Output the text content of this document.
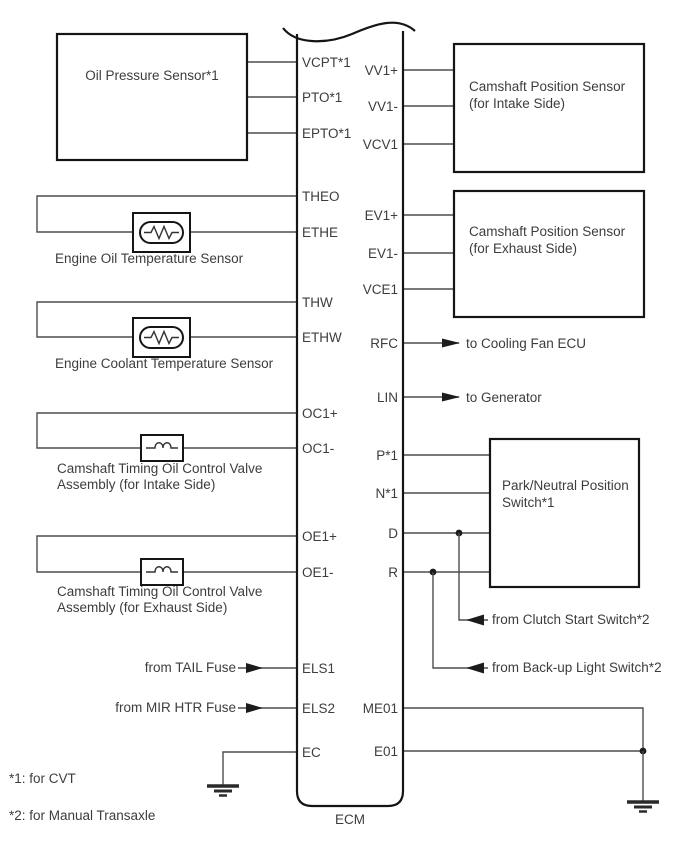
ECM
VCPT*1
PTO*1
EPTO*1
THEO
ETHE
THW
ETHW
OC1+
OC1-
OE1+
OE1-
ELS1
ELS2
EC
VV1+
VV1-
VCV1
EV1+
EV1-
VCE1
RFC
LIN
P*1
N*1
D
R
ME01
E01
Oil Pressure Sensor*1
Camshaft Position Sensor
(for Intake Side)
Camshaft Position Sensor
(for Exhaust Side)
Park/Neutral Position
Switch*1
Engine Oil Temperature Sensor
Engine Coolant Temperature Sensor
Camshaft Timing Oil Control Valve
Assembly (for Intake Side)
Camshaft Timing Oil Control Valve
Assembly (for Exhaust Side)
to Cooling Fan ECU
to Generator
from Clutch Start Switch*2
from Back-up Light Switch*2
from TAIL Fuse
from MIR HTR Fuse
*1: for CVT
*2: for Manual Transaxle
